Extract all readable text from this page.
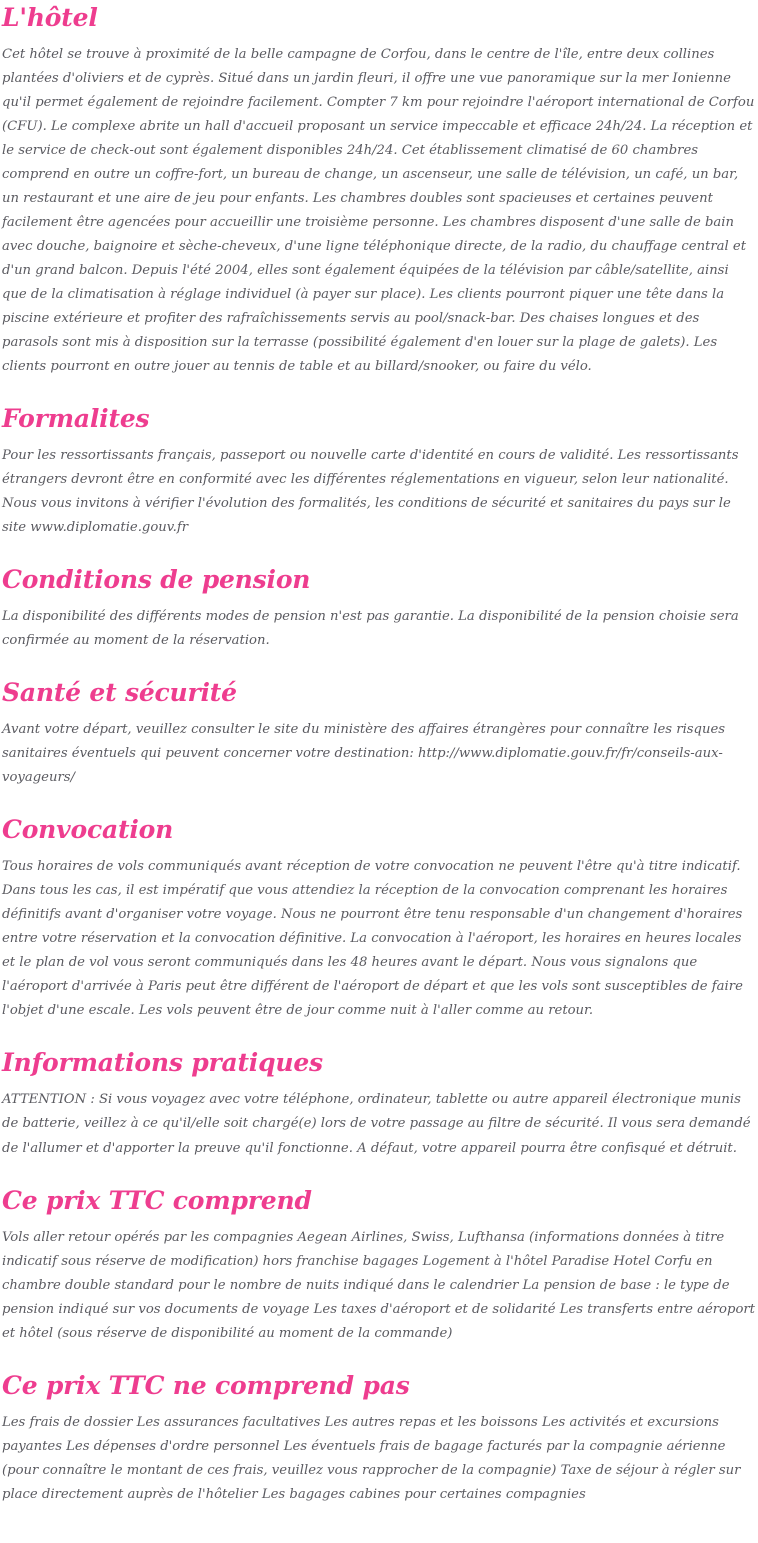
L'hôtel

Cet hôtel se trouve à proximité de la belle campagne de Corfou, dans le centre de l'île, entre deux collines plantées d'oliviers et de cyprès. Situé dans un jardin fleuri, il offre une vue panoramique sur la mer Ionienne qu'il permet également de rejoindre facilement. Compter 7 km pour rejoindre l'aéroport international de Corfou (CFU). Le complexe abrite un hall d'accueil proposant un service impeccable et efficace 24h/24. La réception et le service de check-out sont également disponibles 24h/24. Cet établissement climatisé de 60 chambres comprend en outre un coffre-fort, un bureau de change, un ascenseur, une salle de télévision, un café, un bar, un restaurant et une aire de jeu pour enfants. Les chambres doubles sont spacieuses et certaines peuvent facilement être agencées pour accueillir une troisième personne. Les chambres disposent d'une salle de bain avec douche, baignoire et sèche-cheveux, d'une ligne téléphonique directe, de la radio, du chauffage central et d'un grand balcon. Depuis l'été 2004, elles sont également équipées de la télévision par câble/satellite, ainsi que de la climatisation à réglage individuel (à payer sur place). Les clients pourront piquer une tête dans la piscine extérieure et profiter des rafraîchissements servis au pool/snack-bar. Des chaises longues et des parasols sont mis à disposition sur la terrasse (possibilité également d'en louer sur la plage de galets). Les clients pourront en outre jouer au tennis de table et au billard/snooker, ou faire du vélo.

Formalites

Pour les ressortissants français, passeport ou nouvelle carte d'identité en cours de validité. Les ressortissants étrangers devront être en conformité avec les différentes réglementations en vigueur, selon leur nationalité. Nous vous invitons à vérifier l'évolution des formalités, les conditions de sécurité et sanitaires du pays sur le site www.diplomatie.gouv.fr

Conditions de pension

La disponibilité des différents modes de pension n'est pas garantie. La disponibilité de la pension choisie sera confirmée au moment de la réservation.

Santé et sécurité

Avant votre départ, veuillez consulter le site du ministère des affaires étrangères pour connaître les risques sanitaires éventuels qui peuvent concerner votre destination: http://www.diplomatie.gouv.fr/fr/conseils-aux-voyageurs/

Convocation

Tous horaires de vols communiqués avant réception de votre convocation ne peuvent l'être qu'à titre indicatif. Dans tous les cas, il est impératif que vous attendiez la réception de la convocation comprenant les horaires définitifs avant d'organiser votre voyage. Nous ne pourront être tenu responsable d'un changement d'horaires entre votre réservation et la convocation définitive. La convocation à l'aéroport, les horaires en heures locales et le plan de vol vous seront communiqués dans les 48 heures avant le départ. Nous vous signalons que l'aéroport d'arrivée à Paris peut être différent de l'aéroport de départ et que les vols sont susceptibles de faire l'objet d'une escale. Les vols peuvent être de jour comme nuit à l'aller comme au retour.

Informations pratiques

ATTENTION : Si vous voyagez avec votre téléphone, ordinateur, tablette ou autre appareil électronique munis de batterie, veillez à ce qu'il/elle soit chargé(e) lors de votre passage au filtre de sécurité. Il vous sera demandé de l'allumer et d'apporter la preuve qu'il fonctionne. A défaut, votre appareil pourra être confisqué et détruit.

Ce prix TTC comprend

Vols aller retour opérés par les compagnies Aegean Airlines, Swiss, Lufthansa (informations données à titre indicatif sous réserve de modification) hors franchise bagages Logement à l'hôtel Paradise Hotel Corfu en chambre double standard pour le nombre de nuits indiqué dans le calendrier La pension de base : le type de pension indiqué sur vos documents de voyage Les taxes d'aéroport et de solidarité Les transferts entre aéroport et hôtel (sous réserve de disponibilité au moment de la commande)

Ce prix TTC ne comprend pas

Les frais de dossier Les assurances facultatives Les autres repas et les boissons Les activités et excursions payantes Les dépenses d'ordre personnel Les éventuels frais de bagage facturés par la compagnie aérienne (pour connaître le montant de ces frais, veuillez vous rapprocher de la compagnie) Taxe de séjour à régler sur place directement auprès de l'hôtelier Les bagages cabines pour certaines compagnies
